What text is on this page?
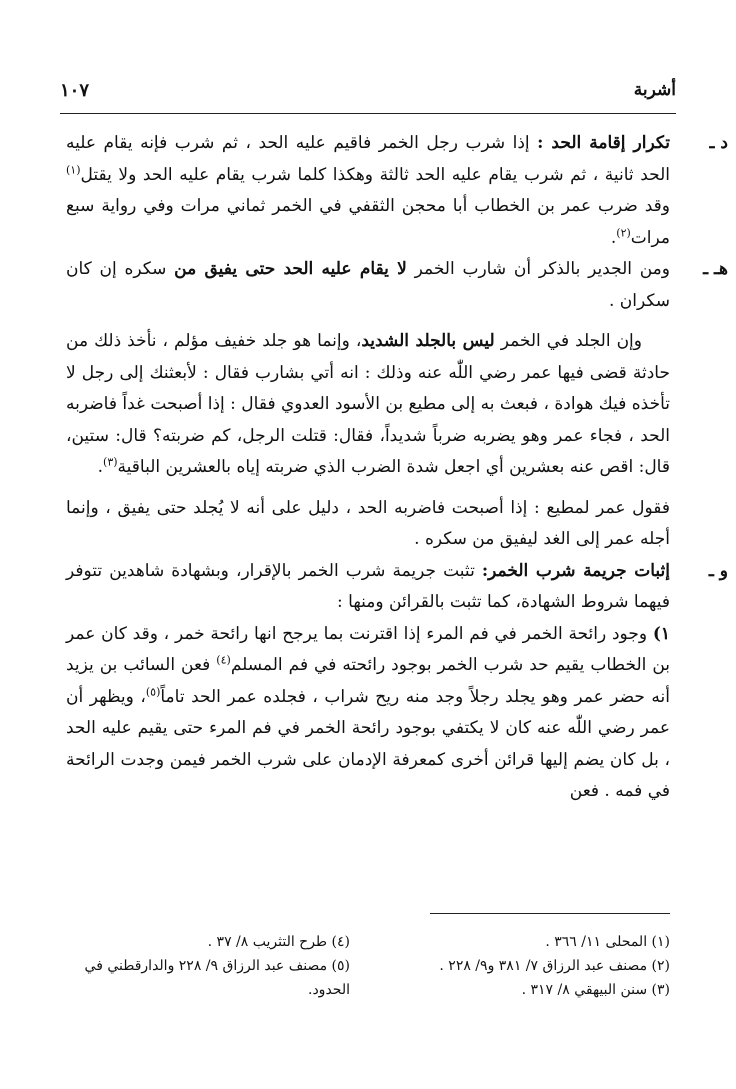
أشربة
١٠٧

د ـ
تكرار إقامة الحد : إذا شرب رجل الخمر فاقيم عليه الحد ، ثم شرب فإنه يقام عليه الحد ثانية ، ثم شرب يقام عليه الحد ثالثة وهكذا كلما شرب يقام عليه الحد ولا يقتل$^{(١)}$ وقد ضرب عمر بن الخطاب أبا محجن الثقفي في الخمر ثماني مرات وفي رواية سبع مرات$^{(٢)}$.

هـ ـ
ومن الجدير بالذكر أن شارب الخمر لا يقام عليه الحد حتى يفيق من سكره إن كان سكران .

وإن الجلد في الخمر ليس بالجلد الشديد، وإنما هو جلد خفيف مؤلم ، نأخذ ذلك من حادثة قضى فيها عمر رضي اللّٰه عنه وذلك : انه أتي بشارب فقال : لأبعثنك إلى رجل لا تأخذه فيك هوادة ، فبعث به إلى مطيع بن الأسود العدوي فقال : إذا أصبحت غداً فاضربه الحد ، فجاء عمر وهو يضربه ضرباً شديداً، فقال: قتلت الرجل، كم ضربته؟ قال: ستين، قال: اقص عنه بعشرين أي اجعل شدة الضرب الذي ضربته إياه بالعشرين الباقية$^{(٣)}$.

فقول عمر لمطيع : إذا أصبحت فاضربه الحد ، دليل على أنه لا يُجلد حتى يفيق ، وإنما أجله عمر إلى الغد ليفيق من سكره .

و ـ
إثبات جريمة شرب الخمر: تثبت جريمة شرب الخمر بالإقرار، وبشهادة شاهدين تتوفر فيهما شروط الشهادة، كما تثبت بالقرائن ومنها :

١) وجود رائحة الخمر في فم المرء إذا اقترنت بما يرجح انها رائحة خمر ، وقد كان عمر بن الخطاب يقيم حد شرب الخمر بوجود رائحته في فم المسلم$^{(٤)}$ فعن السائب بن يزيد أنه حضر عمر وهو يجلد رجلاً وجد منه ريح شراب ، فجلده عمر الحد تاماً$^{(٥)}$، ويظهر أن عمر رضي اللّٰه عنه كان لا يكتفي بوجود رائحة الخمر في فم المرء حتى يقيم عليه الحد ، بل كان يضم إليها قرائن أخرى كمعرفة الإدمان على شرب الخمر فيمن وجدت الرائحة في فمه . فعن

(١) المحلى ١١/ ٣٦٦ .

(٢) مصنف عبد الرزاق ٧/ ٣٨١ و٩/ ٢٢٨ .

(٣) سنن البيهقي ٨/ ٣١٧ .

(٤) طرح التثريب ٨/ ٣٧ .

(٥) مصنف عبد الرزاق ٩/ ٢٢٨ والدارقطني في الحدود.
